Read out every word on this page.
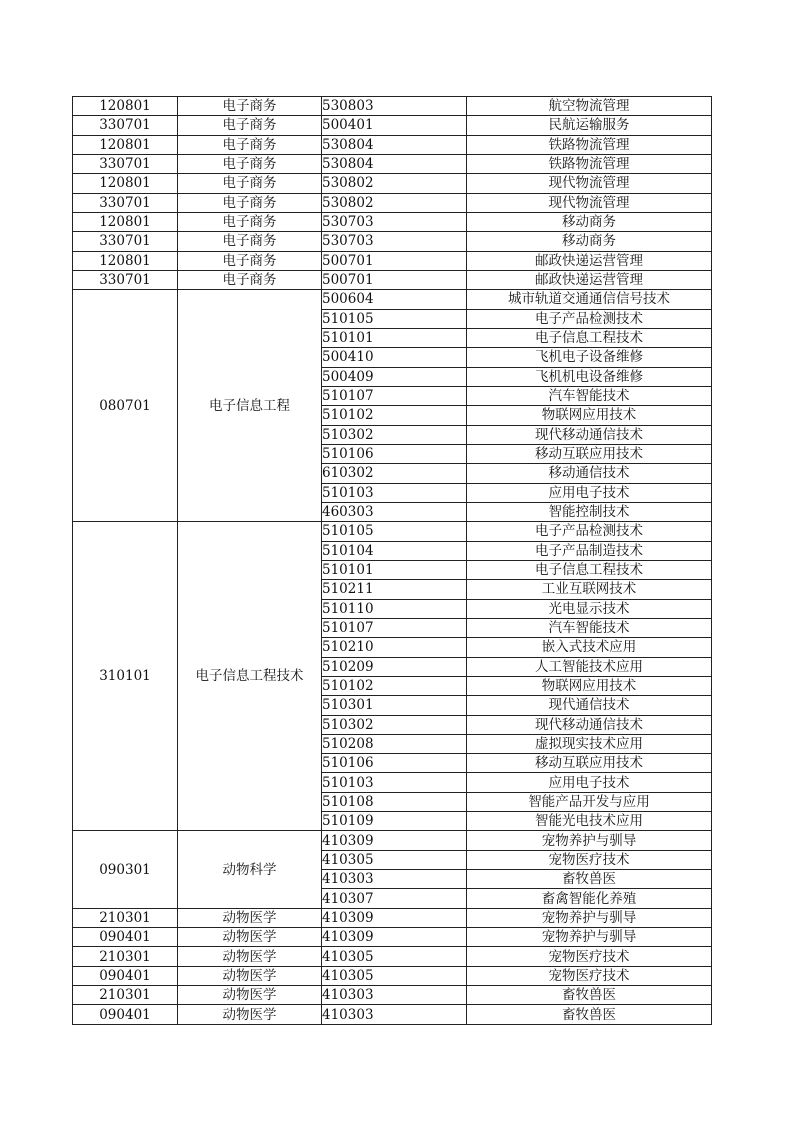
120801	电子商务	530803	航空物流管理
330701	电子商务	500401	民航运输服务
120801	电子商务	530804	铁路物流管理
330701	电子商务	530804	铁路物流管理
120801	电子商务	530802	现代物流管理
330701	电子商务	530802	现代物流管理
120801	电子商务	530703	移动商务
330701	电子商务	530703	移动商务
120801	电子商务	500701	邮政快递运营管理
330701	电子商务	500701	邮政快递运营管理
080701	电子信息工程	500604	城市轨道交通通信信号技术
		510105	电子产品检测技术
		510101	电子信息工程技术
		500410	飞机电子设备维修
		500409	飞机机电设备维修
		510107	汽车智能技术
		510102	物联网应用技术
		510302	现代移动通信技术
		510106	移动互联应用技术
		610302	移动通信技术
		510103	应用电子技术
		460303	智能控制技术
310101	电子信息工程技术	510105	电子产品检测技术
		510104	电子产品制造技术
		510101	电子信息工程技术
		510211	工业互联网技术
		510110	光电显示技术
		510107	汽车智能技术
		510210	嵌入式技术应用
		510209	人工智能技术应用
		510102	物联网应用技术
		510301	现代通信技术
		510302	现代移动通信技术
		510208	虚拟现实技术应用
		510106	移动互联应用技术
		510103	应用电子技术
		510108	智能产品开发与应用
		510109	智能光电技术应用
090301	动物科学	410309	宠物养护与驯导
		410305	宠物医疗技术
		410303	畜牧兽医
		410307	畜禽智能化养殖
210301	动物医学	410309	宠物养护与驯导
090401	动物医学	410309	宠物养护与驯导
210301	动物医学	410305	宠物医疗技术
090401	动物医学	410305	宠物医疗技术
210301	动物医学	410303	畜牧兽医
090401	动物医学	410303	畜牧兽医
